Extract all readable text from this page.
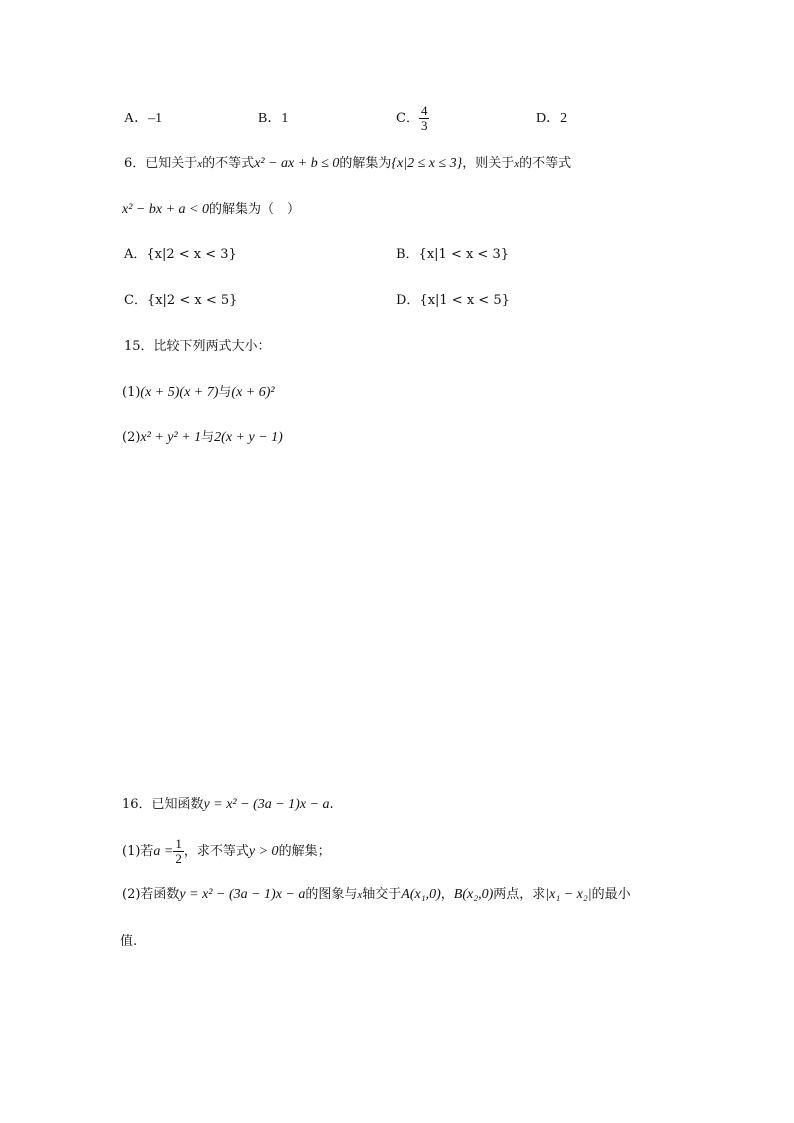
A．–1	B．1	C． $\frac{4}{3}$	D．2
6．已知关于x的不等式x² − ax + b ≤ 0的解集为{x|2 ≤ x ≤ 3}，则关于x的不等式
x² − bx + a < 0的解集为（　）
A．{x|2 < x < 3}	B．{x|1 < x < 3}
C．{x|2 < x < 5}	D．{x|1 < x < 5}
15．比较下列两式大小：
(1)(x + 5)(x + 7)与(x + 6)²
(2)x² + y² + 1与2(x + y − 1)
16．已知函数y = x² − (3a − 1)x − a.
(1)若$a = \frac{1}{2}$ ，求不等式y > 0的解集；
(2)若函数y = x² − (3a − 1)x − a的图象与x轴交于A(x₁,0)，B(x₂,0)两点，求|x₁ − x₂|的最小
值.
